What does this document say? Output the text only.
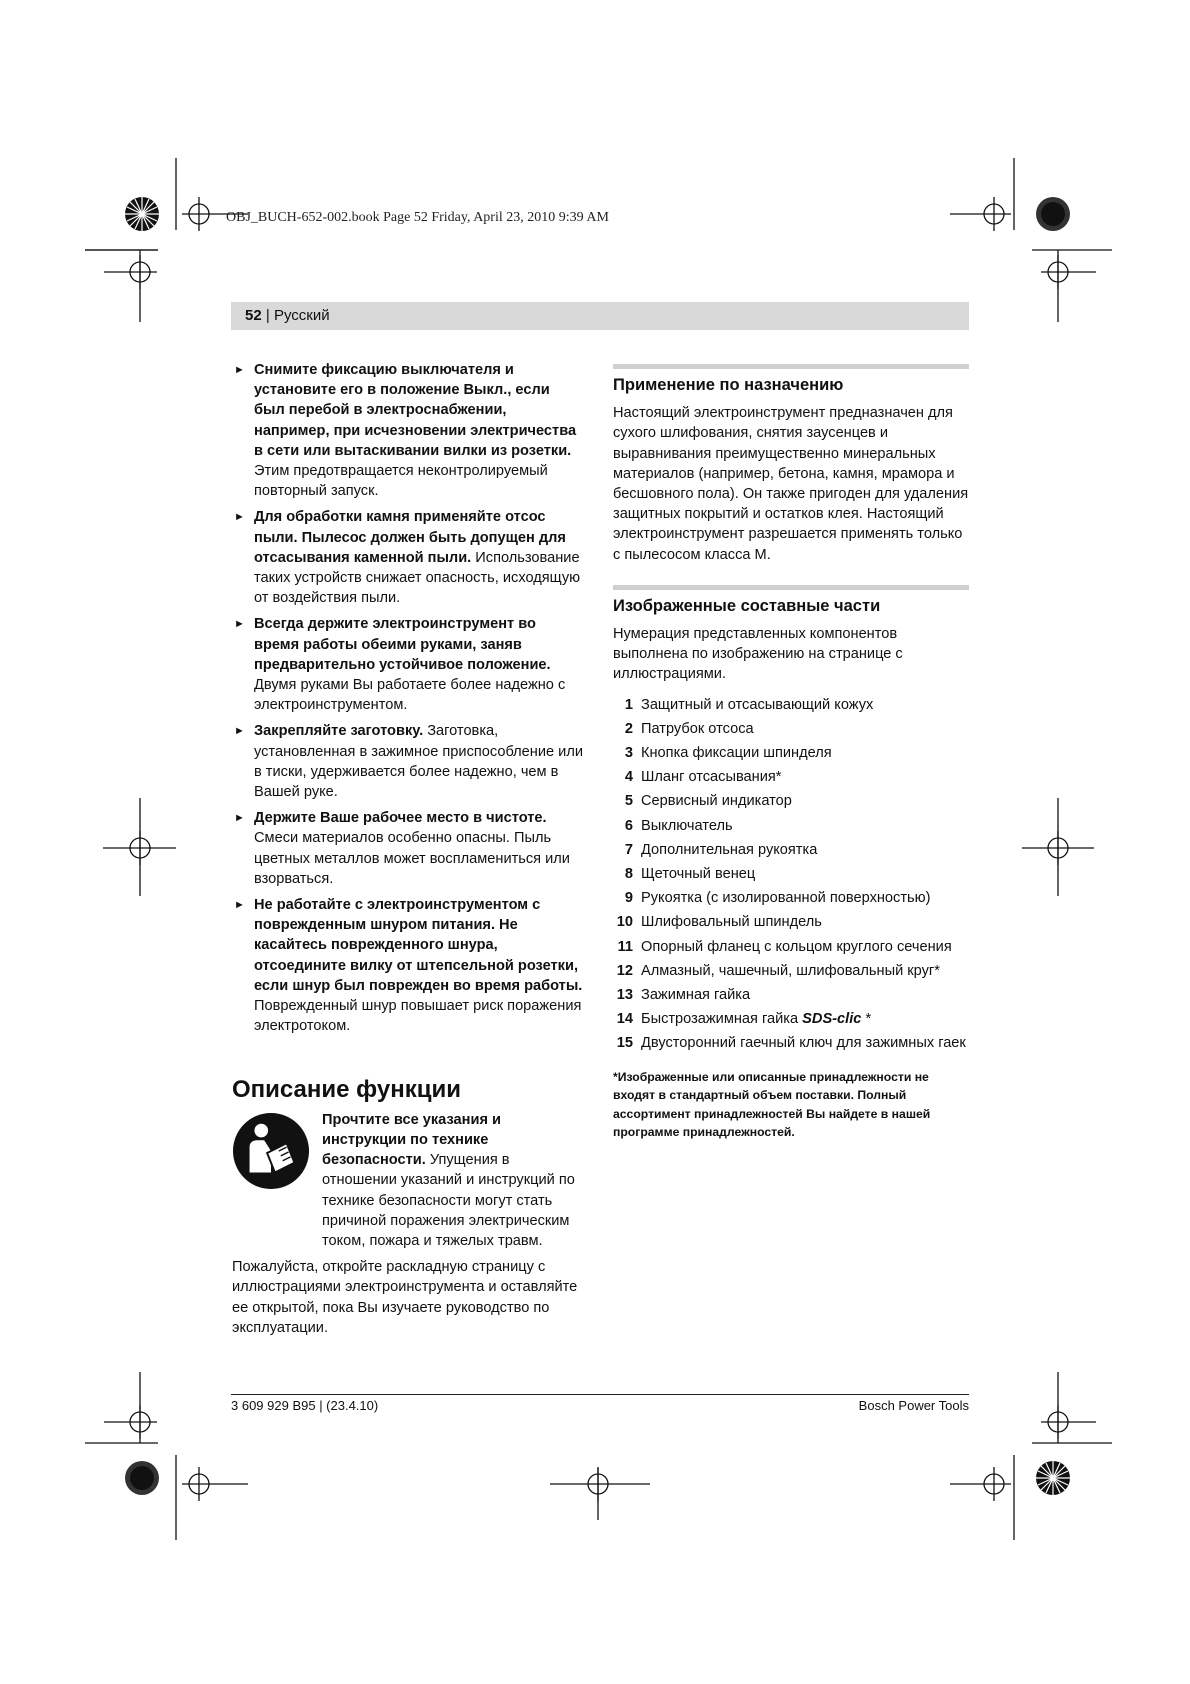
OBJ_BUCH-652-002.book Page 52 Friday, April 23, 2010 9:39 AM
52 | Русский
► Снимите фиксацию выключателя и установите его в положение Выкл., если был перебой в электроснабжении, например, при исчезновении электричества в сети или вытаскивании вилки из розетки. Этим предотвращается неконтролируемый повторный запуск.
► Для обработки камня применяйте отсос пыли. Пылесос должен быть допущен для отсасывания каменной пыли. Использование таких устройств снижает опасность, исходящую от воздействия пыли.
► Всегда держите электроинструмент во время работы обеими руками, заняв предварительно устойчивое положение. Двумя руками Вы работаете более надежно с электроинструментом.
► Закрепляйте заготовку. Заготовка, установленная в зажимное приспособление или в тиски, удерживается более надежно, чем в Вашей руке.
► Держите Ваше рабочее место в чистоте. Смеси материалов особенно опасны. Пыль цветных металлов может воспламениться или взорваться.
► Не работайте с электроинструментом с поврежденным шнуром питания. Не касайтесь поврежденного шнура, отсоедините вилку от штепсельной розетки, если шнур был поврежден во время работы. Поврежденный шнур повышает риск поражения электротоком.
Описание функции
Прочтите все указания и инструкции по технике безопасности. Упущения в отношении указаний и инструкций по технике безопасности могут стать причиной поражения электрическим током, пожара и тяжелых травм.
Пожалуйста, откройте раскладную страницу с иллюстрациями электроинструмента и оставляйте ее открытой, пока Вы изучаете руководство по эксплуатации.
Применение по назначению
Настоящий электроинструмент предназначен для сухого шлифования, снятия заусенцев и выравнивания преимущественно минеральных материалов (например, бетона, камня, мрамора и бесшовного пола). Он также пригоден для удаления защитных покрытий и остатков клея. Настоящий электроинструмент разрешается применять только с пылесосом класса М.
Изображенные составные части
Нумерация представленных компонентов выполнена по изображению на странице с иллюстрациями.
1 Защитный и отсасывающий кожух
2 Патрубок отсоса
3 Кнопка фиксации шпинделя
4 Шланг отсасывания*
5 Сервисный индикатор
6 Выключатель
7 Дополнительная рукоятка
8 Щеточный венец
9 Рукоятка (с изолированной поверхностью)
10 Шлифовальный шпиндель
11 Опорный фланец с кольцом круглого сечения
12 Алмазный, чашечный, шлифовальный круг*
13 Зажимная гайка
14 Быстрозажимная гайка SDS-clic *
15 Двусторонний гаечный ключ для зажимных гаек
*Изображенные или описанные принадлежности не входят в стандартный объем поставки. Полный ассортимент принадлежностей Вы найдете в нашей программе принадлежностей.
3 609 929 B95 | (23.4.10)	Bosch Power Tools
